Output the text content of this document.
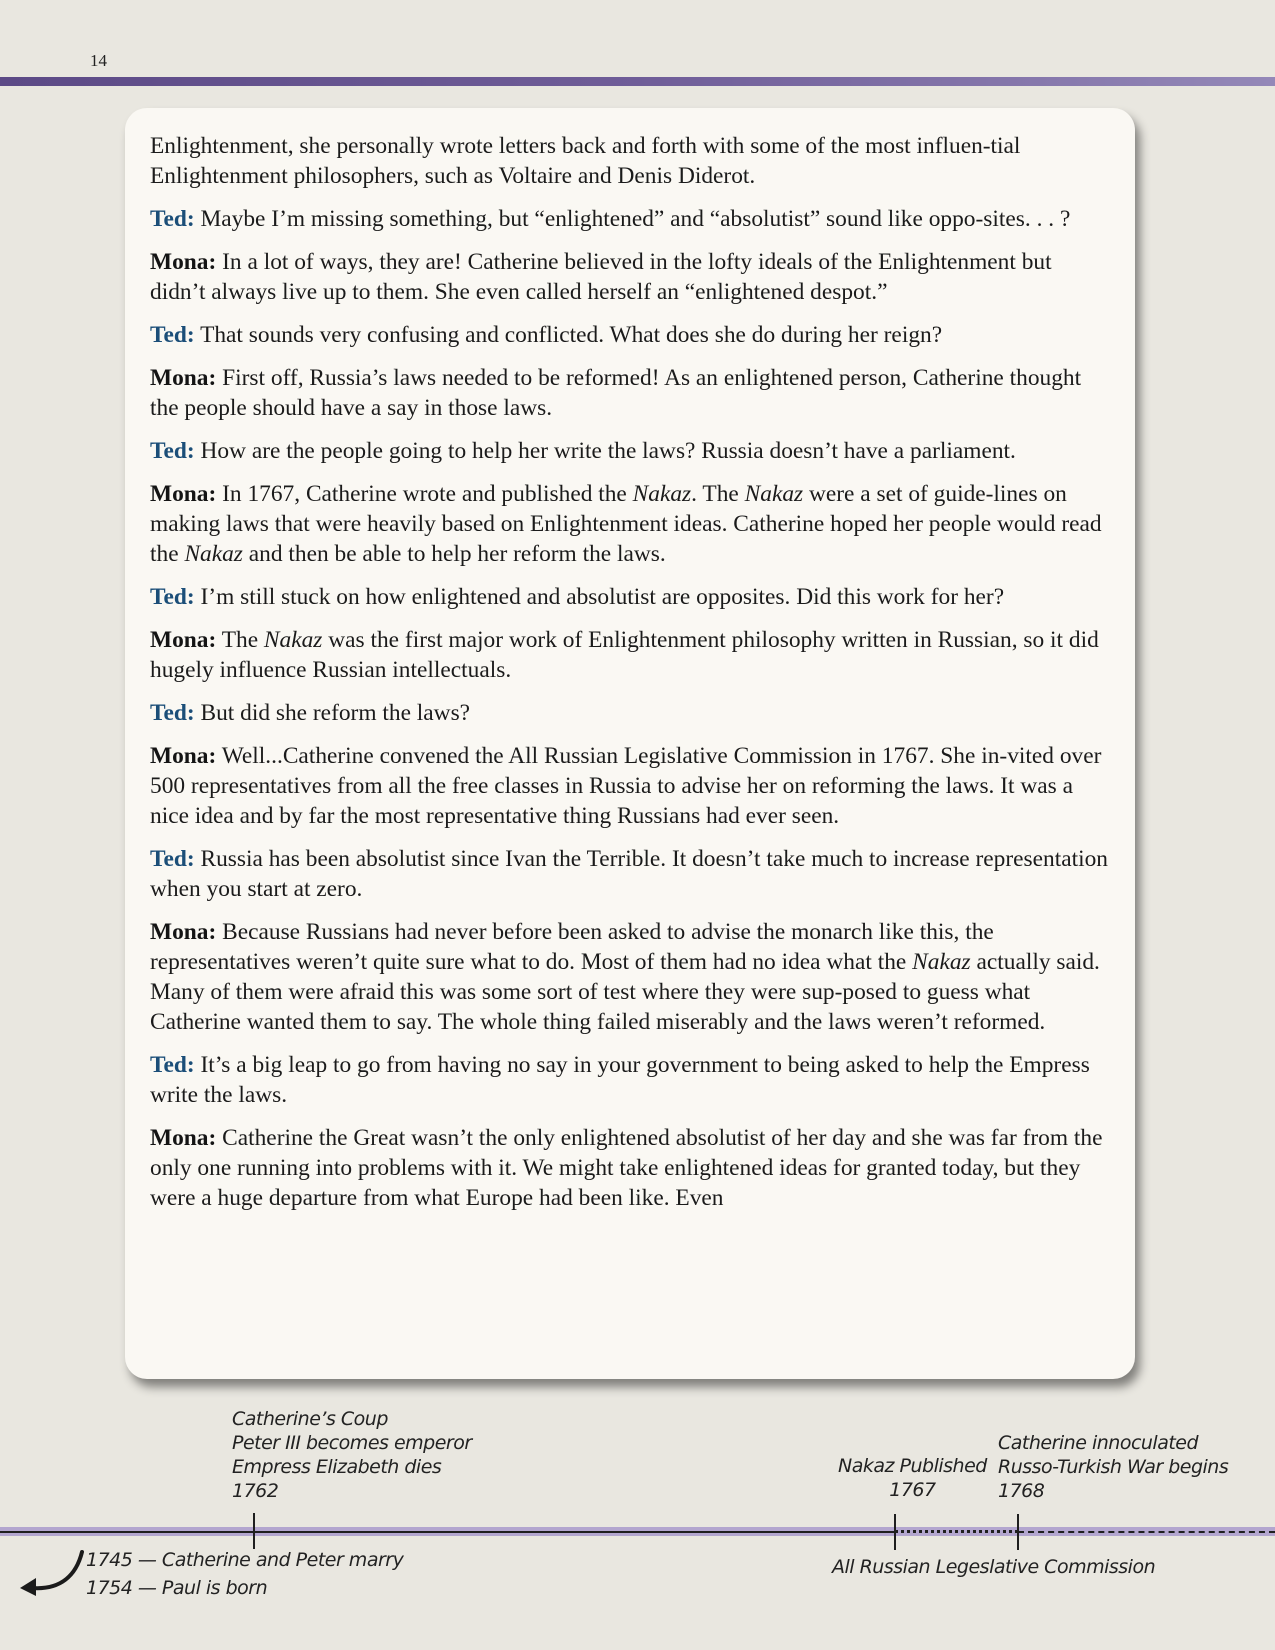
14

Enlightenment, she personally wrote letters back and forth with some of the most influen-tial Enlightenment philosophers, such as Voltaire and Denis Diderot.

Ted: Maybe I’m missing something, but “enlightened” and “absolutist” sound like oppo-sites. . . ?

Mona: In a lot of ways, they are! Catherine believed in the lofty ideals of the Enlightenment but didn’t always live up to them. She even called herself an “enlightened despot.”

Ted: That sounds very confusing and conflicted. What does she do during her reign?

Mona: First off, Russia’s laws needed to be reformed! As an enlightened person, Catherine thought the people should have a say in those laws.

Ted: How are the people going to help her write the laws? Russia doesn’t have a parliament.

Mona: In 1767, Catherine wrote and published the Nakaz. The Nakaz were a set of guide-lines on making laws that were heavily based on Enlightenment ideas. Catherine hoped her people would read the Nakaz and then be able to help her reform the laws.

Ted: I’m still stuck on how enlightened and absolutist are opposites. Did this work for her?

Mona: The Nakaz was the first major work of Enlightenment philosophy written in Russian, so it did hugely influence Russian intellectuals.

Ted: But did she reform the laws?

Mona: Well...Catherine convened the All Russian Legislative Commission in 1767. She in-vited over 500 representatives from all the free classes in Russia to advise her on reforming the laws. It was a nice idea and by far the most representative thing Russians had ever seen.

Ted: Russia has been absolutist since Ivan the Terrible. It doesn’t take much to increase representation when you start at zero.

Mona: Because Russians had never before been asked to advise the monarch like this, the representatives weren’t quite sure what to do. Most of them had no idea what the Nakaz actually said. Many of them were afraid this was some sort of test where they were sup-posed to guess what Catherine wanted them to say. The whole thing failed miserably and the laws weren’t reformed.

Ted: It’s a big leap to go from having no say in your government to being asked to help the Empress write the laws.

Mona: Catherine the Great wasn’t the only enlightened absolutist of her day and she was far from the only one running into problems with it. We might take enlightened ideas for granted today, but they were a huge departure from what Europe had been like. Even

Catherine’s Coup
Peter III becomes emperor
Empress Elizabeth dies
1762
Nakaz Published
1767
Catherine innoculated
Russo-Turkish War begins
1768
All Russian Legeslative Commission
1745 — Catherine and Peter marry
1754 — Paul is born
